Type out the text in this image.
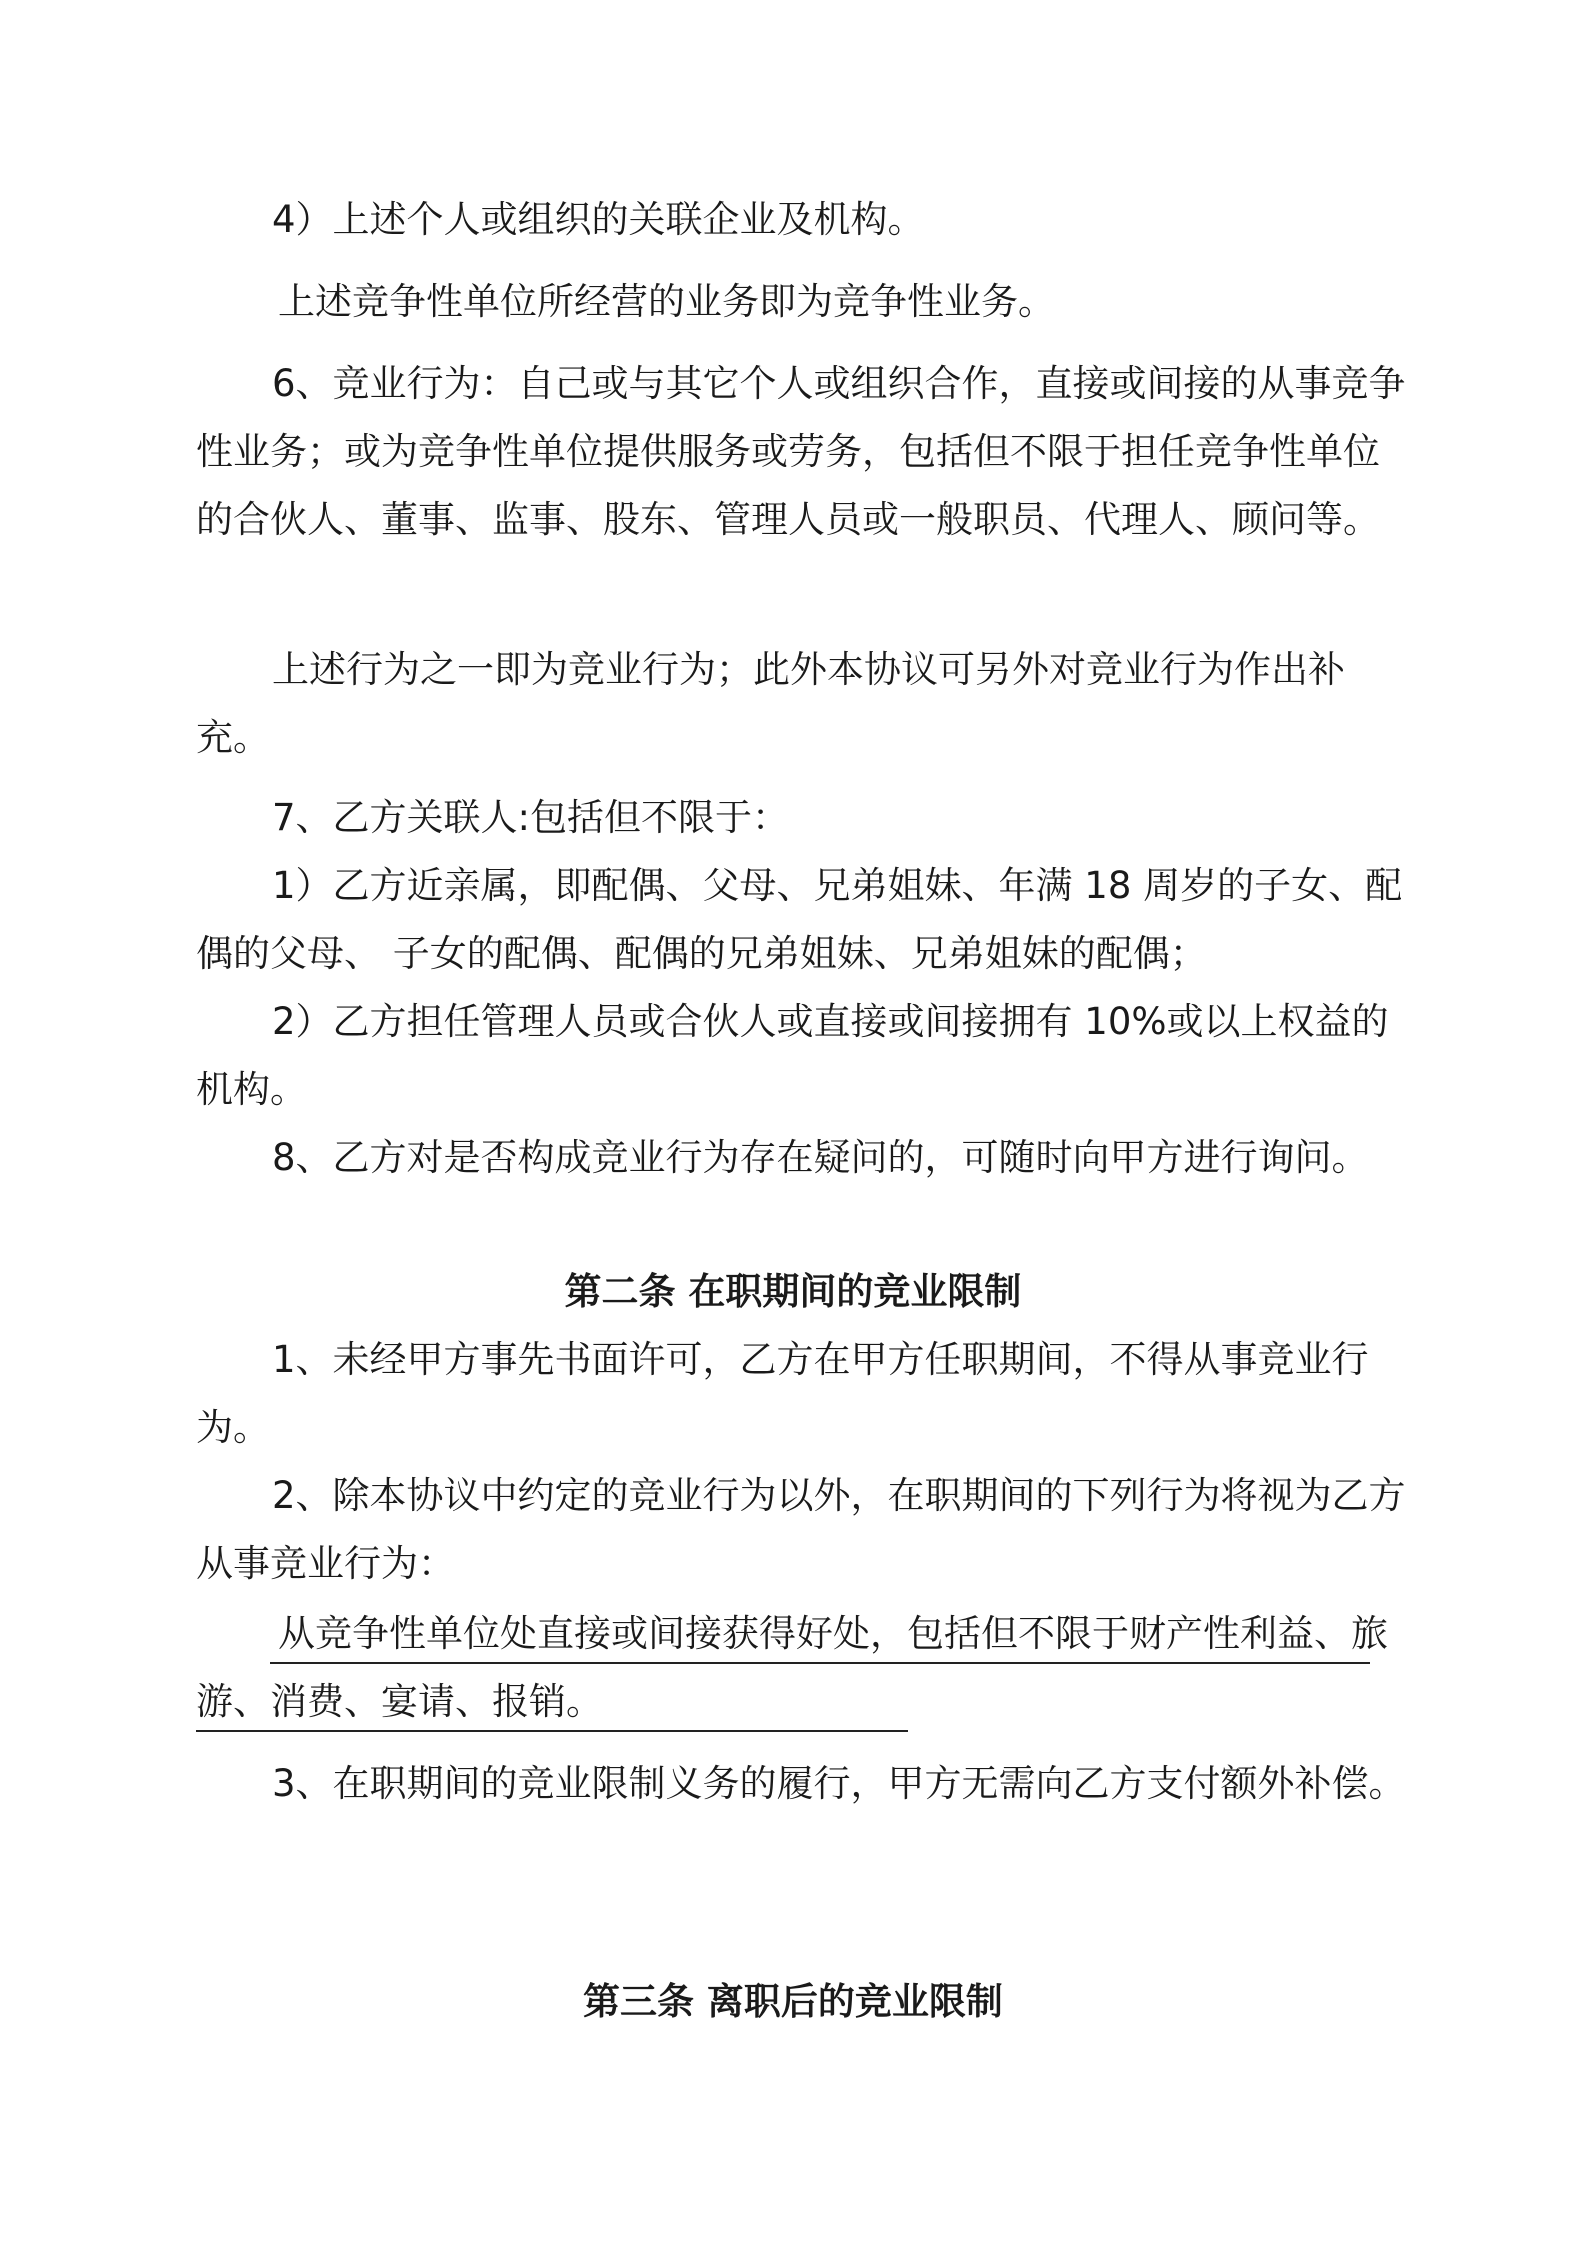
4）上述个人或组织的关联企业及机构。

上述竞争性单位所经营的业务即为竞争性业务。

6、竞业行为：自己或与其它个人或组织合作，直接或间接的从事竞争性业务；或为竞争性单位提供服务或劳务，包括但不限于担任竞争性单位的合伙人、董事、监事、股东、管理人员或一般职员、代理人、顾问等。

上述行为之一即为竞业行为；此外本协议可另外对竞业行为作出补充。

7、乙方关联人:包括但不限于：

1）乙方近亲属，即配偶、父母、兄弟姐妹、年满 18 周岁的子女、配偶的父母、 子女的配偶、配偶的兄弟姐妹、兄弟姐妹的配偶；

2）乙方担任管理人员或合伙人或直接或间接拥有 10%或以上权益的机构。

8、乙方对是否构成竞业行为存在疑问的，可随时向甲方进行询问。

第二条 在职期间的竞业限制

1、未经甲方事先书面许可，乙方在甲方任职期间，不得从事竞业行为。

2、除本协议中约定的竞业行为以外，在职期间的下列行为将视为乙方从事竞业行为：

从竞争性单位处直接或间接获得好处，包括但不限于财产性利益、旅游、消费、宴请、报销。

3、在职期间的竞业限制义务的履行，甲方无需向乙方支付额外补偿。

第三条 离职后的竞业限制
